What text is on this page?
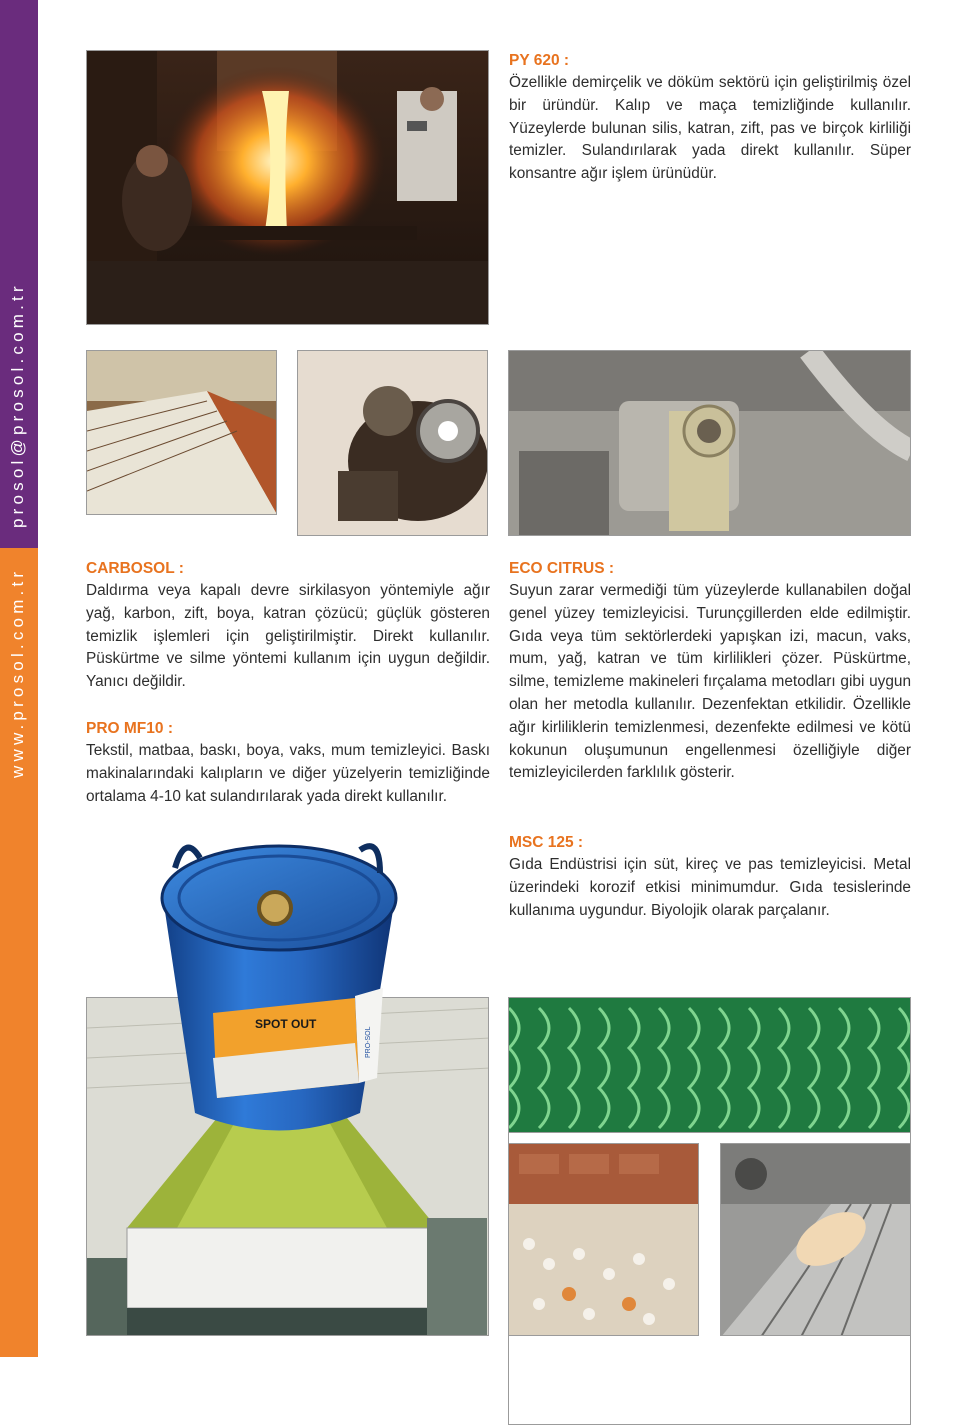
prosol@prosol.com.tr
www.prosol.com.tr
PY 620 :

Özellikle demirçelik ve döküm sektörü için geliştirilmiş özel bir üründür. Kalıp ve maça temizliğinde kullanılır. Yüzeylerde bulunan silis, katran, zift, pas ve birçok kirliliği temizler. Sulandırılarak yada direkt kullanılır. Süper konsantre ağır işlem ürünüdür.

CARBOSOL :

Daldırma veya kapalı devre sirkilasyon yöntemiyle ağır yağ, karbon, zift, boya, katran çözücü; güçlük gösteren temizlik işlemleri için geliştirilmiştir. Direkt kullanılır. Püskürtme ve silme yöntemi kullanım için uygun değildir. Yanıcı değildir.

PRO MF10 :

Tekstil, matbaa, baskı, boya, vaks, mum temizleyici. Baskı makinalarındaki kalıpların ve diğer yüzelyerin temizliğinde ortalama 4-10 kat sulandırılarak yada direkt kullanılır.

ECO CITRUS :

Suyun zarar vermediği tüm yüzeylerde kullanabilen doğal genel yüzey temizleyicisi. Turunçgillerden elde edilmiştir. Gıda veya tüm sektörlerdeki yapışkan izi, macun, vaks, mum, yağ, katran ve tüm kirlilikleri çözer. Püskürtme, silme, temizleme makineleri fırçalama metodları gibi uygun olan her metodla kullanılır. Dezenfektan etkilidir. Özellikle ağır kirliliklerin temizlenmesi, dezenfekte edilmesi ve kötü kokunun oluşumunun engellenmesi özelliğiyle diğer temizleyicilerden farklılık gösterir.

MSC 125 :

Gıda Endüstrisi için süt, kireç ve pas temizleyicisi. Metal üzerindeki korozif etkisi minimumdur. Gıda tesislerinde kullanıma uygundur. Biyolojik olarak parçalanır.

SPOT OUT
PRO-SOL
